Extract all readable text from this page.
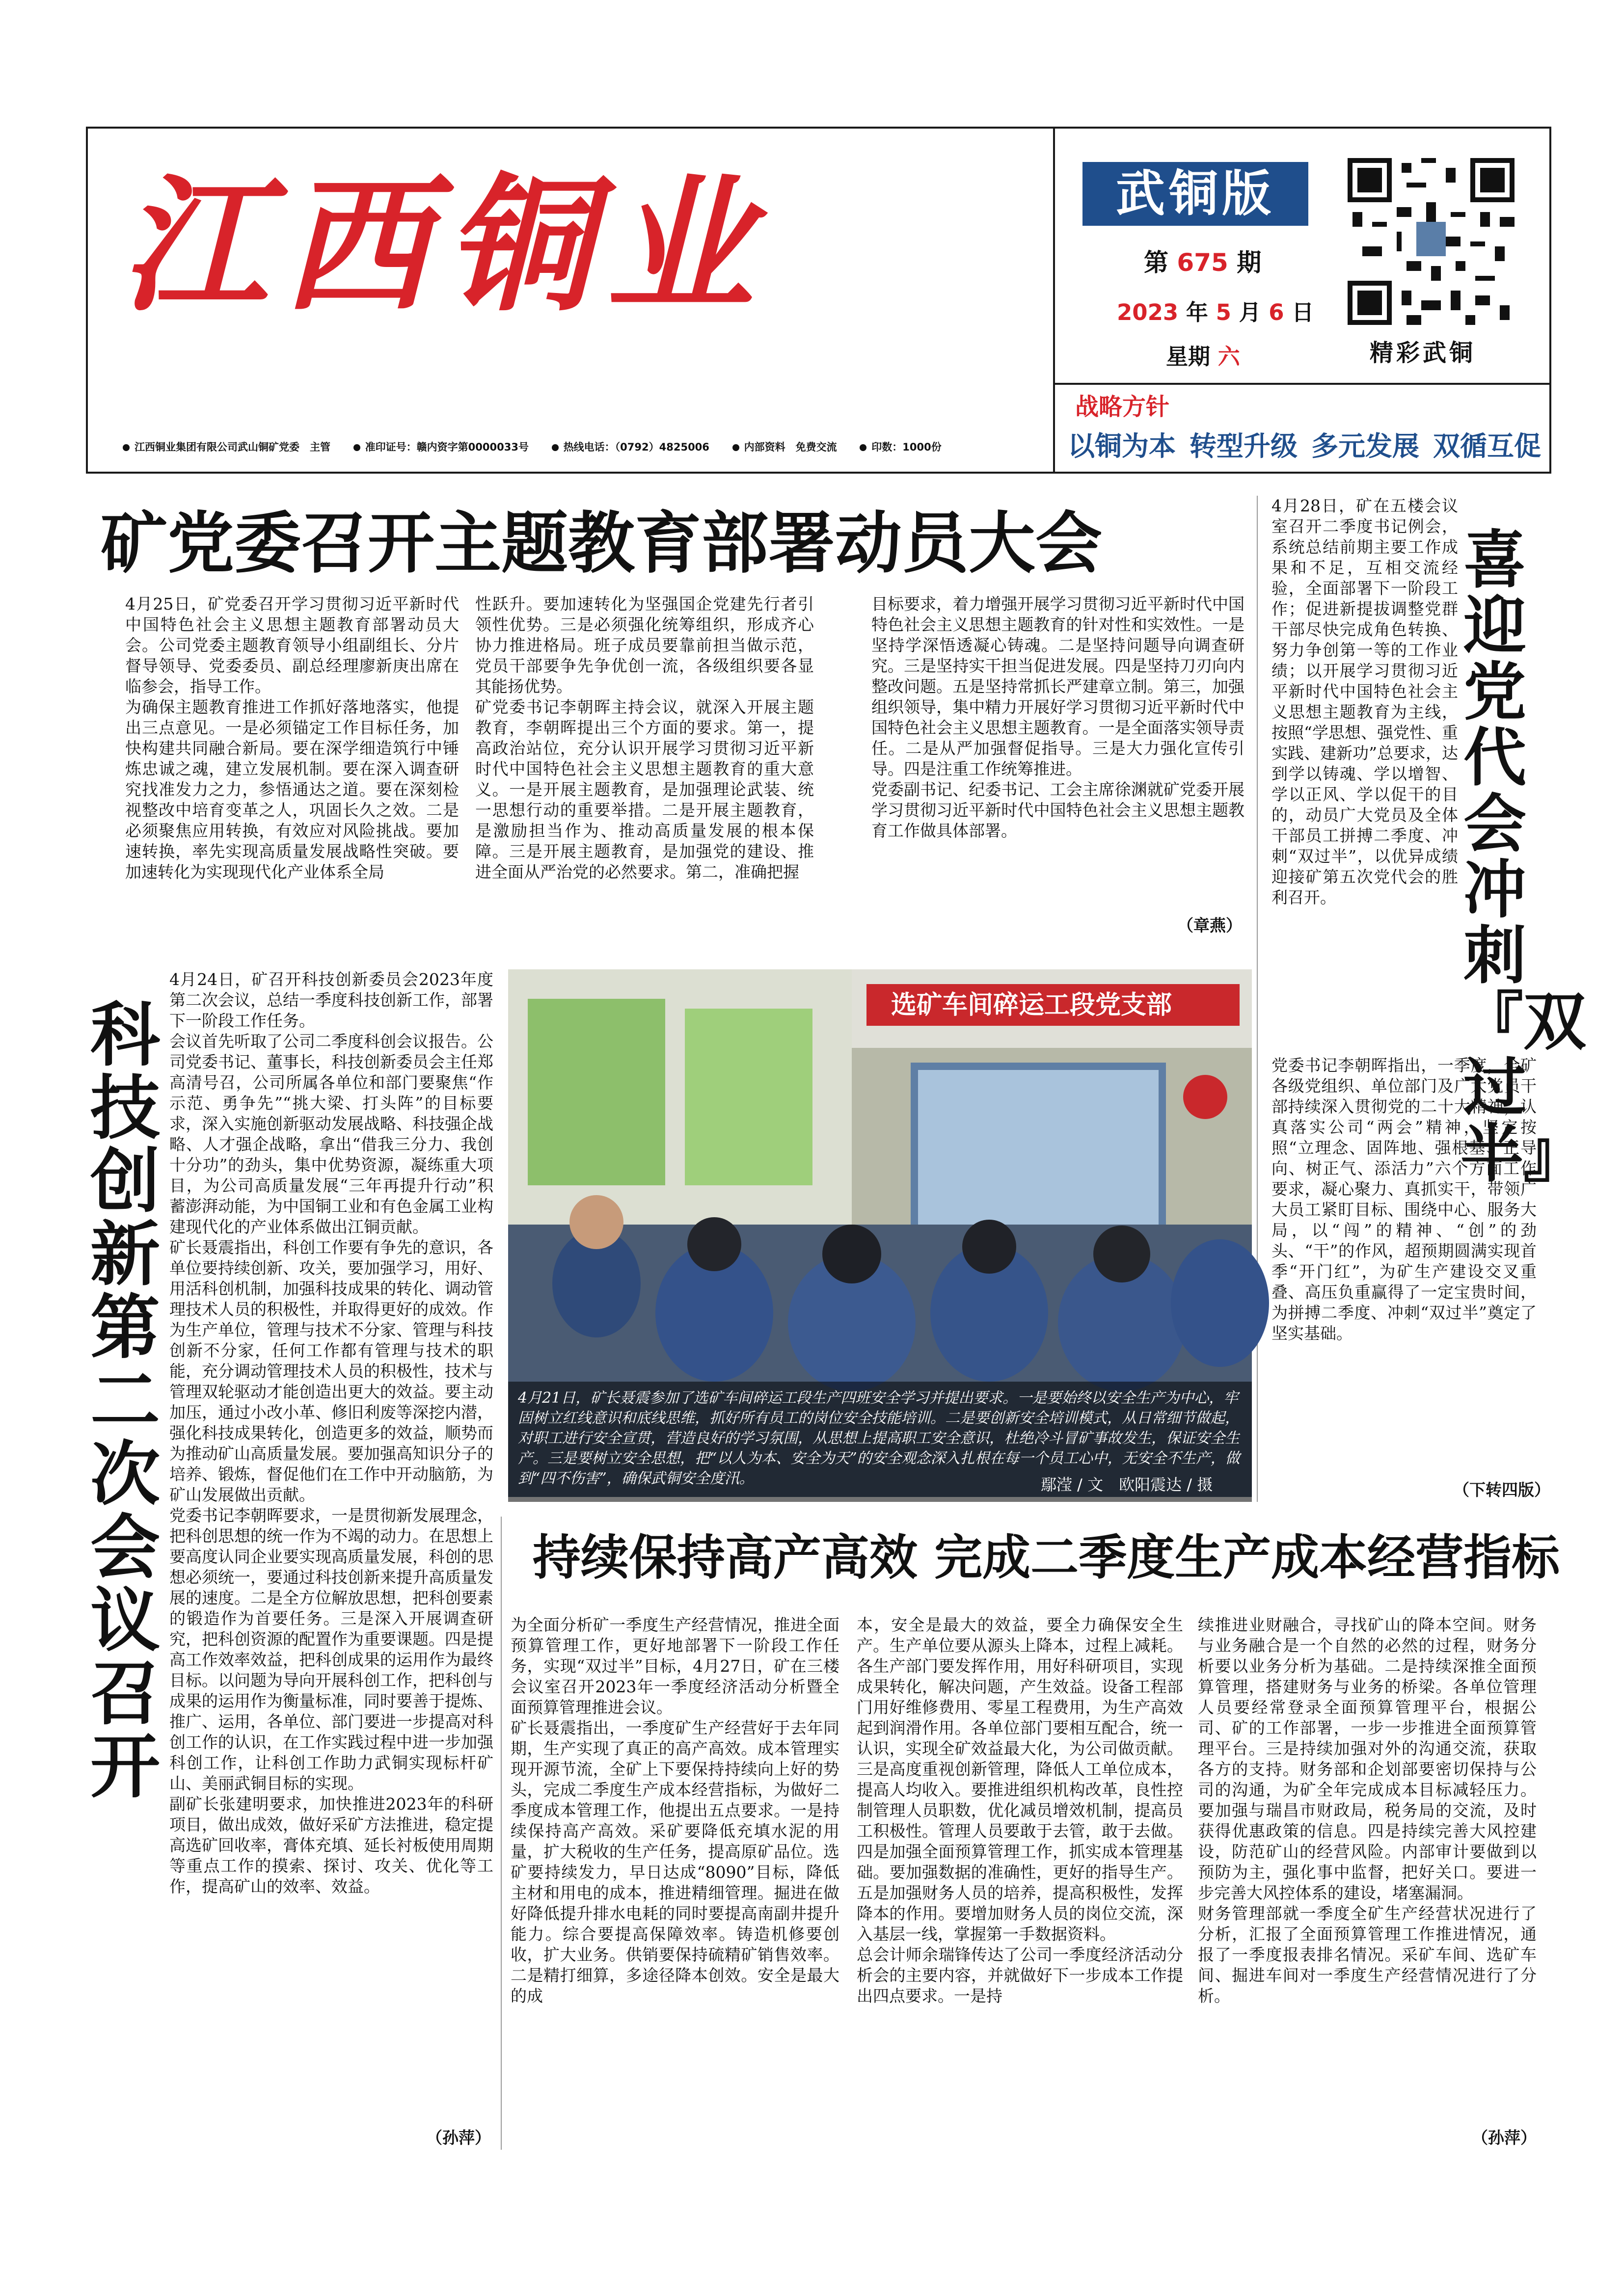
江西铜业	武铜版
第 675 期
2023 年 5 月 6 日
星期 六	精彩武铜
战略方针
以铜为本 转型升级 多元发展 双循互促
江西铜业集团有限公司武山铜矿党委　主管	准印证号：赣内资字第0000033号	热线电话：（0792）4825006	内部资料　免费交流	印数：1000份
矿党委召开主题教育部署动员大会
4月25日，矿党委召开学习贯彻习近平新时代中国特色社会主义思想主题教育部署动员大会。公司党委主题教育领导小组副组长、分片督导领导、党委委员、副总经理廖新庚出席在临参会，指导工作。
为确保主题教育推进工作抓好落地落实，他提出三点意见。一是必须锚定工作目标任务，加快构建共同融合新局。要在深学细造筑行中锤炼忠诚之魂，建立发展机制。要在深入调查研究找准发力之力，参悟通达之道。要在深刻检视整改中培育变革之人，巩固长久之效。二是必须聚焦应用转换，有效应对风险挑战。要加速转换，率先实现高质量发展战略性突破。要加速转化为实现现代化产业体系全局
性跃升。要加速转化为坚强国企党建先行者引领性优势。三是必须强化统筹组织，形成齐心协力推进格局。班子成员要靠前担当做示范，党员干部要争先争优创一流，各级组织要各显其能扬优势。
矿党委书记李朝晖主持会议，就深入开展主题教育，李朝晖提出三个方面的要求。第一，提高政治站位，充分认识开展学习贯彻习近平新时代中国特色社会主义思想主题教育的重大意义。一是开展主题教育，是加强理论武装、统一思想行动的重要举措。二是开展主题教育，是激励担当作为、推动高质量发展的根本保障。三是开展主题教育，是加强党的建设、推进全面从严治党的必然要求。第二，准确把握
目标要求，着力增强开展学习贯彻习近平新时代中国特色社会主义思想主题教育的针对性和实效性。一是坚持学深悟透凝心铸魂。二是坚持问题导向调查研究。三是坚持实干担当促进发展。四是坚持刀刃向内整改问题。五是坚持常抓长严建章立制。第三，加强组织领导，集中精力开展好学习贯彻习近平新时代中国特色社会主义思想主题教育。一是全面落实领导责任。二是从严加强督促指导。三是大力强化宣传引导。四是注重工作统筹推进。
党委副书记、纪委书记、工会主席徐渊就矿党委开展学习贯彻习近平新时代中国特色社会主义思想主题教育工作做具体部署。
（章燕）
喜迎党代会 冲刺『双过半』
4月28日，矿在五楼会议室召开二季度书记例会，系统总结前期主要工作成果和不足，互相交流经验，全面部署下一阶段工作；促进新提拔调整党群干部尽快完成角色转换、努力争创第一等的工作业绩；以开展学习贯彻习近平新时代中国特色社会主义思想主题教育为主线，按照“学思想、强党性、重实践、建新功”总要求，达到学以铸魂、学以增智、学以正风、学以促干的目的，动员广大党员及全体干部员工拼搏二季度、冲刺“双过半”，以优异成绩迎接矿第五次党代会的胜利召开。
党委书记李朝晖指出，一季度，全矿各级党组织、单位部门及广大党员干部持续深入贯彻党的二十大精神，认真落实公司“两会”精神，坚定按照“立理念、固阵地、强根基、正导向、树正气、添活力”六个方面工作要求，凝心聚力、真抓实干，带领广大员工紧盯目标、围绕中心、服务大局，以“闯”的精神、“创”的劲头、“干”的作风，超预期圆满实现首季“开门红”，为矿生产建设交叉重叠、高压负重赢得了一定宝贵时间，为拼搏二季度、冲刺“双过半”奠定了坚实基础。
（下转四版）
科技创新第二次会议召开
4月24日，矿召开科技创新委员会2023年度第二次会议，总结一季度科技创新工作，部署下一阶段工作任务。
会议首先听取了公司二季度科创会议报告。公司党委书记、董事长，科技创新委员会主任郑高清号召，公司所属各单位和部门要聚焦“作示范、勇争先”“挑大梁、打头阵”的目标要求，深入实施创新驱动发展战略、科技强企战略、人才强企战略，拿出“借我三分力、我创十分功”的劲头，集中优势资源，凝练重大项目，为公司高质量发展“三年再提升行动”积蓄澎湃动能，为中国铜工业和有色金属工业构建现代化的产业体系做出江铜贡献。
矿长聂震指出，科创工作要有争先的意识，各单位要持续创新、攻关，要加强学习，用好、用活科创机制，加强科技成果的转化、调动管理技术人员的积极性，并取得更好的成效。作为生产单位，管理与技术不分家、管理与科技创新不分家，任何工作都有管理与技术的职能，充分调动管理技术人员的积极性，技术与管理双轮驱动才能创造出更大的效益。要主动加压，通过小改小革、修旧利废等深挖内潜，强化科技成果转化，创造更多的效益，顺势而为推动矿山高质量发展。要加强高知识分子的培养、锻炼，督促他们在工作中开动脑筋，为矿山发展做出贡献。
党委书记李朝晖要求，一是贯彻新发展理念，把科创思想的统一作为不竭的动力。在思想上要高度认同企业要实现高质量发展，科创的思想必须统一，要通过科技创新来提升高质量发展的速度。二是全方位解放思想，把科创要素的锻造作为首要任务。三是深入开展调查研究，把科创资源的配置作为重要课题。四是提高工作效率效益，把科创成果的运用作为最终目标。以问题为导向开展科创工作，把科创与成果的运用作为衡量标准，同时要善于提炼、推广、运用，各单位、部门要进一步提高对科创工作的认识，在工作实践过程中进一步加强科创工作，让科创工作助力武铜实现标杆矿山、美丽武铜目标的实现。
副矿长张建明要求，加快推进2023年的科研项目，做出成效，做好采矿方法推进，稳定提高选矿回收率，膏体充填、延长衬板使用周期等重点工作的摸索、探讨、攻关、优化等工作，提高矿山的效率、效益。
（孙萍）
选矿车间碎运工段党支部
4月21日，矿长聂震参加了选矿车间碎运工段生产四班安全学习并提出要求。一是要始终以安全生产为中心，牢固树立红线意识和底线思维，抓好所有员工的岗位安全技能培训。二是要创新安全培训模式，从日常细节做起，对职工进行安全宣贯，营造良好的学习氛围，从思想上提高职工安全意识，杜绝冷斗冒矿事故发生，保证安全生产。三是要树立安全思想，把“以人为本、安全为天”的安全观念深入扎根在每一个员工心中，无安全不生产，做到“四不伤害”，确保武铜安全度汛。	鄢滢 / 文　欧阳震达 / 摄
持续保持高产高效 完成二季度生产成本经营指标
为全面分析矿一季度生产经营情况，推进全面预算管理工作，更好地部署下一阶段工作任务，实现“双过半”目标，4月27日，矿在三楼会议室召开2023年一季度经济活动分析暨全面预算管理推进会议。
矿长聂震指出，一季度矿生产经营好于去年同期，生产实现了真正的高产高效。成本管理实现开源节流，全矿上下要保持持续向上好的势头，完成二季度生产成本经营指标，为做好二季度成本管理工作，他提出五点要求。一是持续保持高产高效。采矿要降低充填水泥的用量，扩大税收的生产任务，提高原矿品位。选矿要持续发力，早日达成“8090”目标，降低主材和用电的成本，推进精细管理。掘进在做好降低提升排水电耗的同时要提高南副井提升能力。综合要提高保障效率。铸造机修要创收，扩大业务。供销要保持硫精矿销售效率。二是精打细算，多途径降本创效。安全是最大的成
本，安全是最大的效益，要全力确保安全生产。生产单位要从源头上降本，过程上减耗。各生产部门要发挥作用，用好科研项目，实现成果转化，解决问题，产生效益。设备工程部门用好维修费用、零星工程费用，为生产高效起到润滑作用。各单位部门要相互配合，统一认识，实现全矿效益最大化，为公司做贡献。三是高度重视创新管理，降低人工单位成本，提高人均收入。要推进组织机构改革，良性控制管理人员职数，优化减员增效机制，提高员工积极性。管理人员要敢于去管，敢于去做。四是加强全面预算管理工作，抓实成本管理基础。要加强数据的准确性，更好的指导生产。五是加强财务人员的培养，提高积极性，发挥降本的作用。要增加财务人员的岗位交流，深入基层一线，掌握第一手数据资料。
总会计师余瑞锋传达了公司一季度经济活动分析会的主要内容，并就做好下一步成本工作提出四点要求。一是持
续推进业财融合，寻找矿山的降本空间。财务与业务融合是一个自然的必然的过程，财务分析要以业务分析为基础。二是持续深推全面预算管理，搭建财务与业务的桥梁。各单位管理人员要经常登录全面预算管理平台，根据公司、矿的工作部署，一步一步推进全面预算管理平台。三是持续加强对外的沟通交流，获取各方的支持。财务部和企划部要密切保持与公司的沟通，为矿全年完成成本目标减轻压力。要加强与瑞昌市财政局，税务局的交流，及时获得优惠政策的信息。四是持续完善大风控建设，防范矿山的经营风险。内部审计要做到以预防为主，强化事中监督，把好关口。要进一步完善大风控体系的建设，堵塞漏洞。
财务管理部就一季度全矿生产经营状况进行了分析，汇报了全面预算管理工作推进情况，通报了一季度报表排名情况。采矿车间、选矿车间、掘进车间对一季度生产经营情况进行了分析。
（孙萍）
